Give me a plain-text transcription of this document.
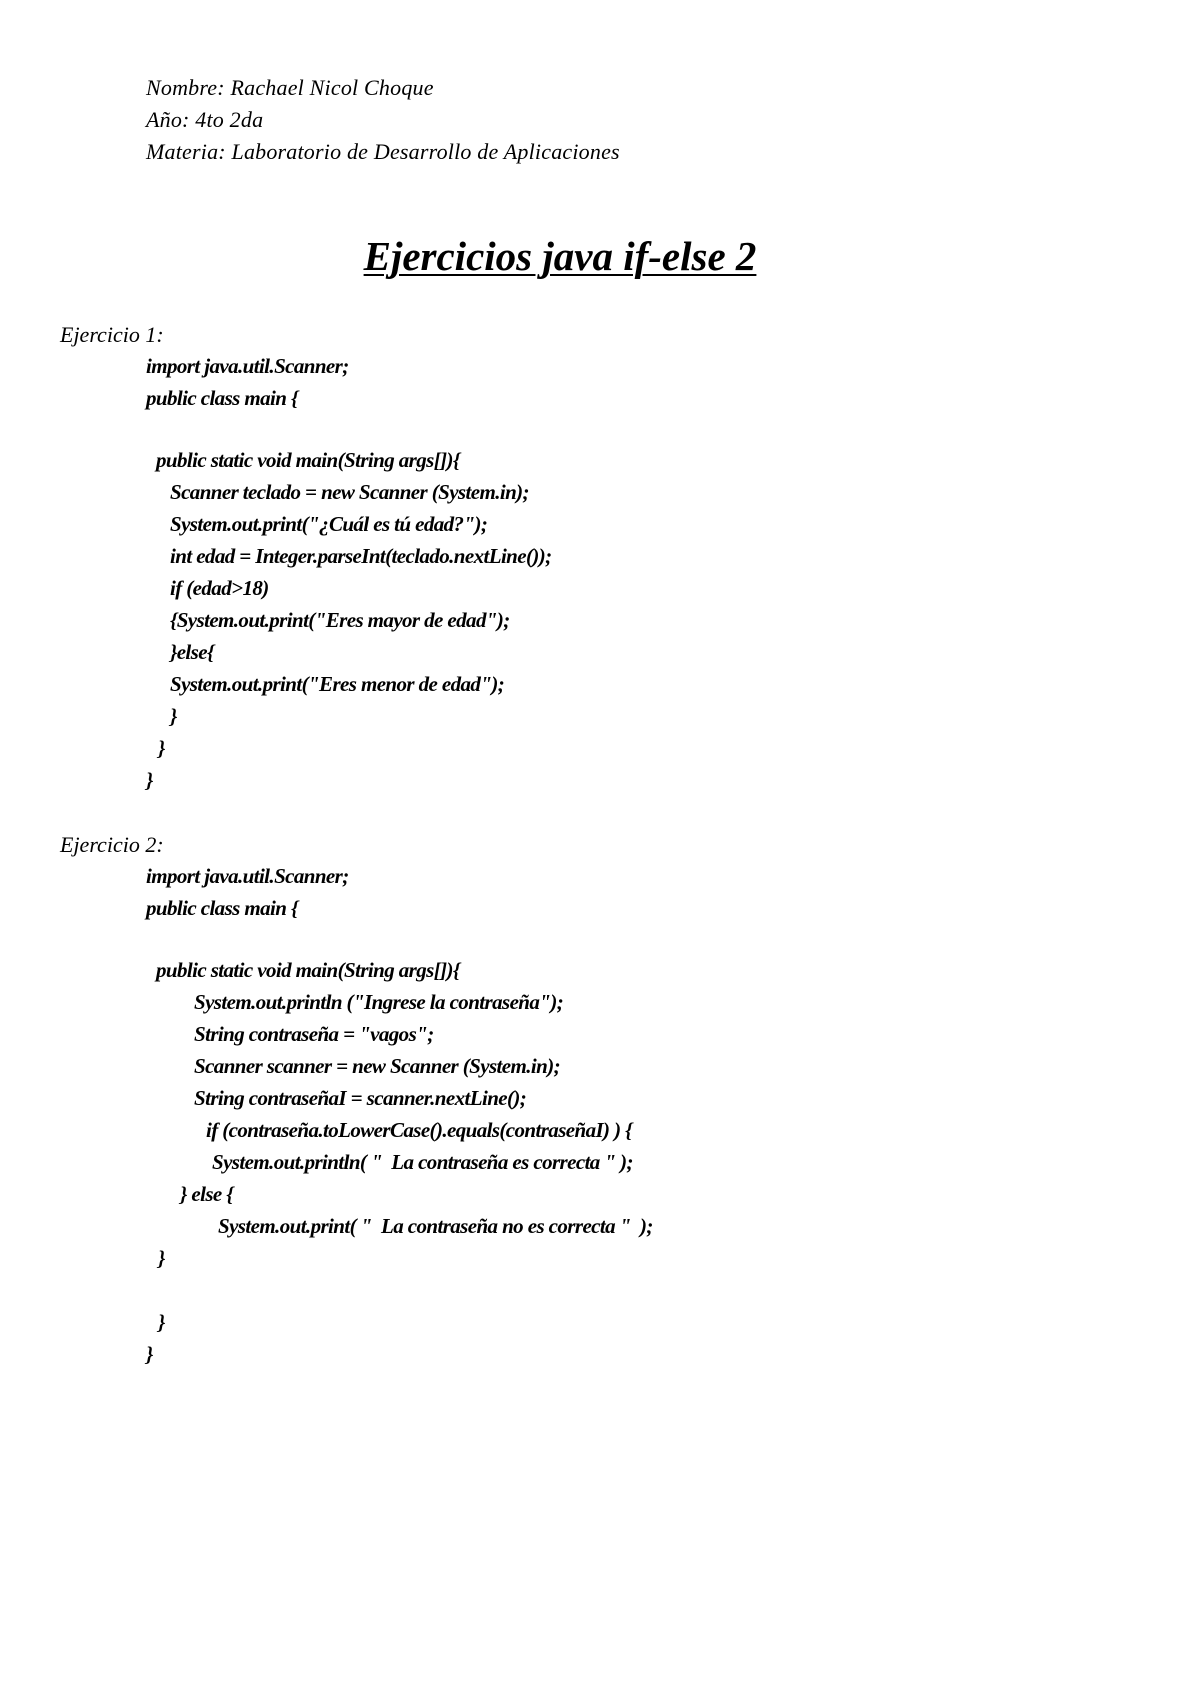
Nombre: Rachael Nicol Choque
Año: 4to 2da
Materia: Laboratorio de Desarrollo de Aplicaciones
Ejercicios java if-else 2
Ejercicio 1:
import java.util.Scanner;
public class main {
public static void main(String args[]){
Scanner teclado = new Scanner (System.in);
System.out.print("¿Cuál es tú edad?");
int edad = Integer.parseInt(teclado.nextLine());
if (edad>18)
{System.out.print("Eres mayor de edad");
}else{
System.out.print("Eres menor de edad");
}
}
}
Ejercicio 2:
import java.util.Scanner;
public class main {
public static void main(String args[]){
System.out.println ("Ingrese la contraseña");
String contraseña = "vagos";
Scanner scanner = new Scanner (System.in);
String contraseñaI = scanner.nextLine();
if (contraseña.toLowerCase().equals(contraseñaI) ) {
System.out.println( "  La contraseña es correcta " );
} else {
System.out.print( "  La contraseña no es correcta "  );
}
}
}
